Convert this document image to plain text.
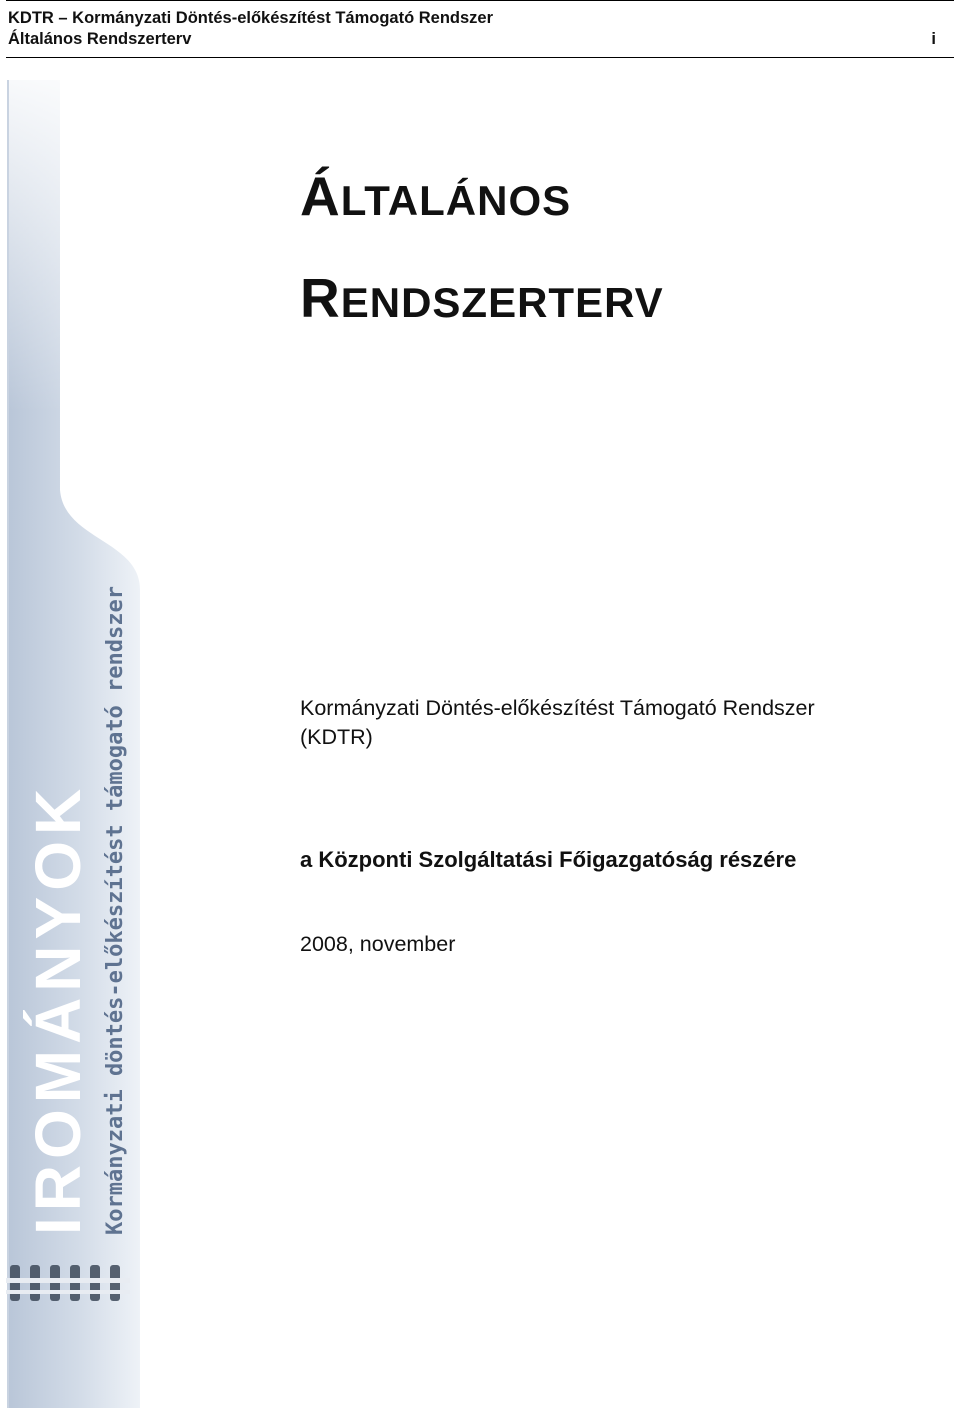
KDTR – Kormányzati Döntés-előkészítést Támogató Rendszer
Általános Rendszerterv	i
IROMÁNYOK Kormányzati döntés-előkészítést támogató rendszer
ÁLTALÁNOS
RENDSZERTERV
Kormányzati Döntés-előkészítést Támogató Rendszer
(KDTR)
a Központi Szolgáltatási Főigazgatóság részére
2008, november
